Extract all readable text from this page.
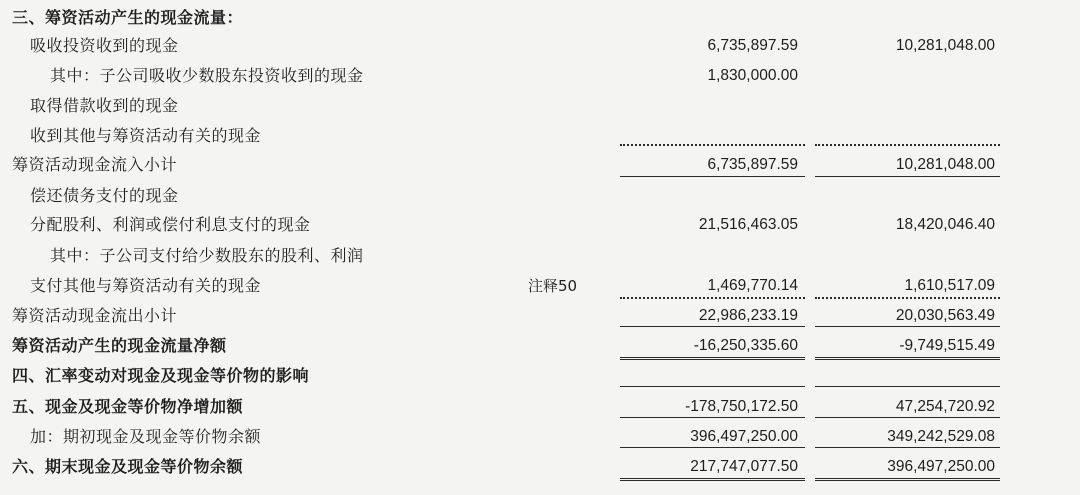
三、筹资活动产生的现金流量：
吸收投资收到的现金	6,735,897.59	10,281,048.00
其中：子公司吸收少数股东投资收到的现金	1,830,000.00
取得借款收到的现金
收到其他与筹资活动有关的现金
筹资活动现金流入小计	6,735,897.59	10,281,048.00
偿还债务支付的现金
分配股利、利润或偿付利息支付的现金	21,516,463.05	18,420,046.40
其中：子公司支付给少数股东的股利、利润
支付其他与筹资活动有关的现金	注释50	1,469,770.14	1,610,517.09
筹资活动现金流出小计	22,986,233.19	20,030,563.49
筹资活动产生的现金流量净额	-16,250,335.60	-9,749,515.49
四、汇率变动对现金及现金等价物的影响
五、现金及现金等价物净增加额	-178,750,172.50	47,254,720.92
加：期初现金及现金等价物余额	396,497,250.00	349,242,529.08
六、期末现金及现金等价物余额	217,747,077.50	396,497,250.00
